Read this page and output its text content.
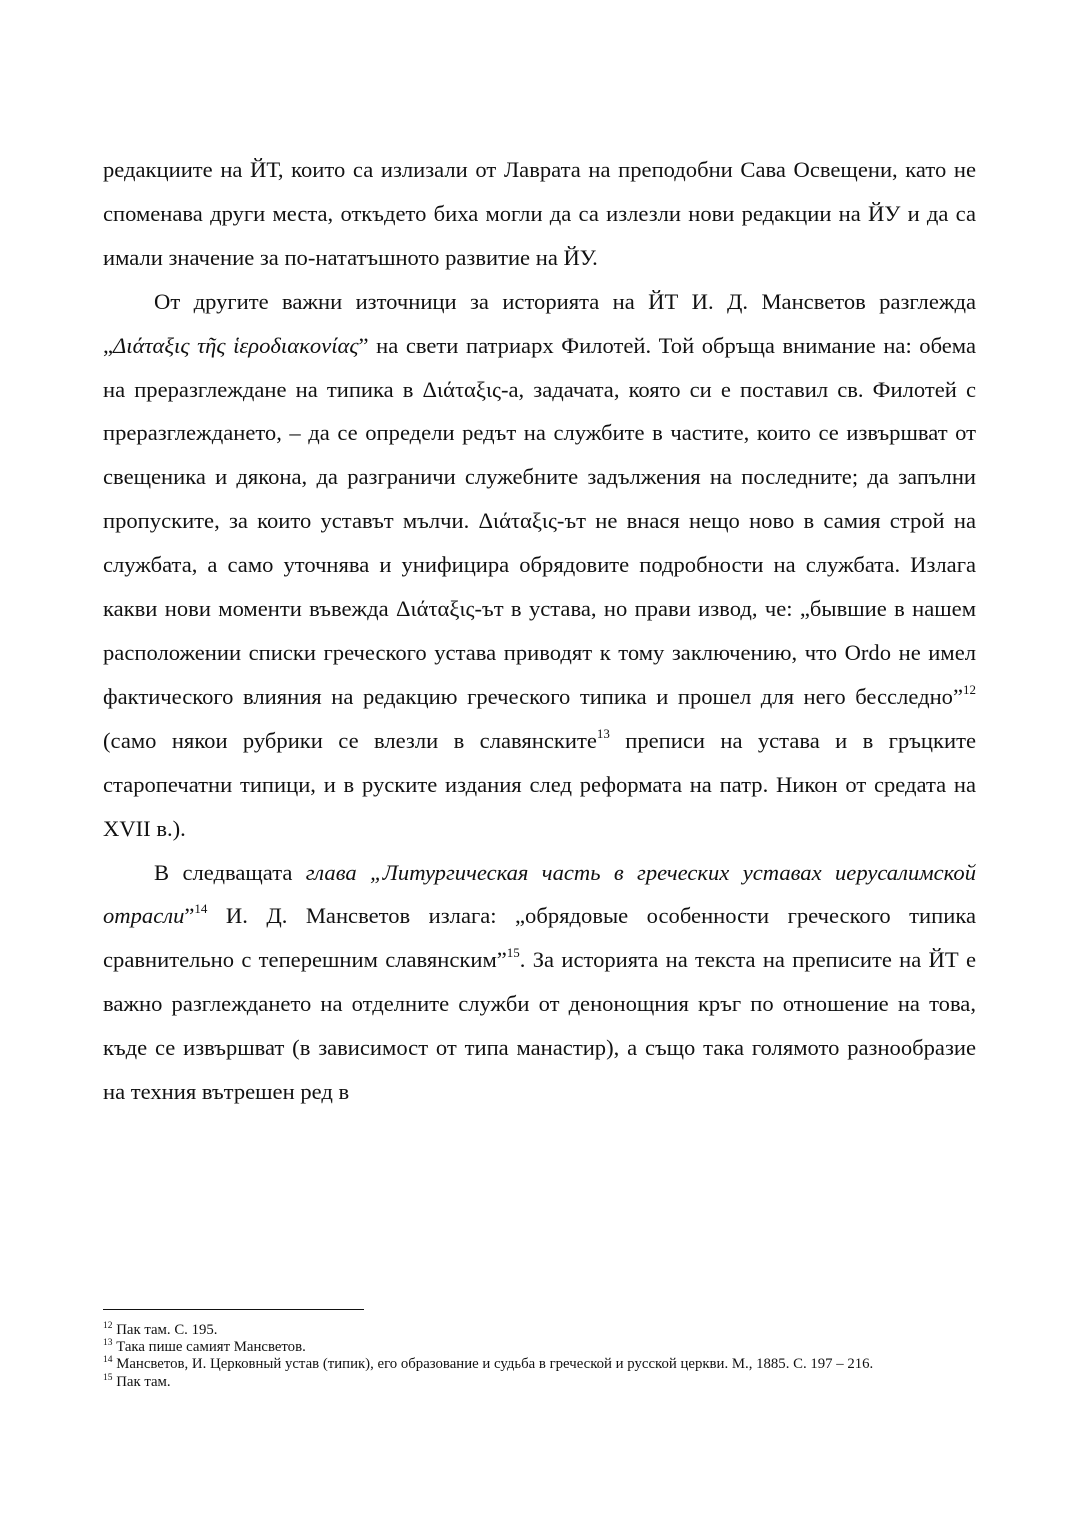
редакциите на ЙТ, които са излизали от Лаврата на преподобни Сава Освещени, като не споменава други места, откъдето биха могли да са излезли нови редакции на ЙУ и да са имали значение за по-нататъшното развитие на ЙУ.

От другите важни източници за историята на ЙТ И. Д. Мансветов разглежда „Διάταξις τῆς ἱεροδιακονίας” на свети патриарх Филотей. Той обръща внимание на: обема на преразглеждане на типика в Διάταξις-а, задачата, която си е поставил св. Филотей с преразглеждането, – да се определи редът на службите в частите, които се извършват от свещеника и дякона, да разграничи служебните задължения на последните; да запълни пропуските, за които уставът мълчи. Διάταξις-ът не внася нещо ново в самия строй на службата, а само уточнява и унифицира обрядовите подробности на службата. Излага какви нови моменти въвежда Διάταξις-ът в устава, но прави извод, че: „бывшие в нашем расположении списки греческого устава приводят к тому заключению, что Ordo не имел фактического влияния на редакцию греческого типика и прошел для него бесследно”$^{12}$ (само някои рубрики се влезли в славянските$^{13}$ преписи на устава и в гръцките старопечатни типици, и в руските издания след реформата на патр. Никон от средата на XVII в.).

В следващата глава „Литургическая часть в греческих уставах иерусалимской отрасли”$^{14}$ И. Д. Мансветов излага: „обрядовые особенности греческого типика сравнительно с теперешним славянским”$^{15}$. За историята на текста на преписите на ЙТ е важно разглеждането на отделните служби от денонощния кръг по отношение на това, къде се извършват (в зависимост от типа манастир), а също така голямото разнообразие на техния вътрешен ред в

$^{12}$ Пак там. С. 195.
$^{13}$ Така пише самият Мансветов.
$^{14}$ Мансветов, И. Церковный устав (типик), его образование и судьба в греческой и русской церкви. М., 1885. С. 197 – 216.
$^{15}$ Пак там.
